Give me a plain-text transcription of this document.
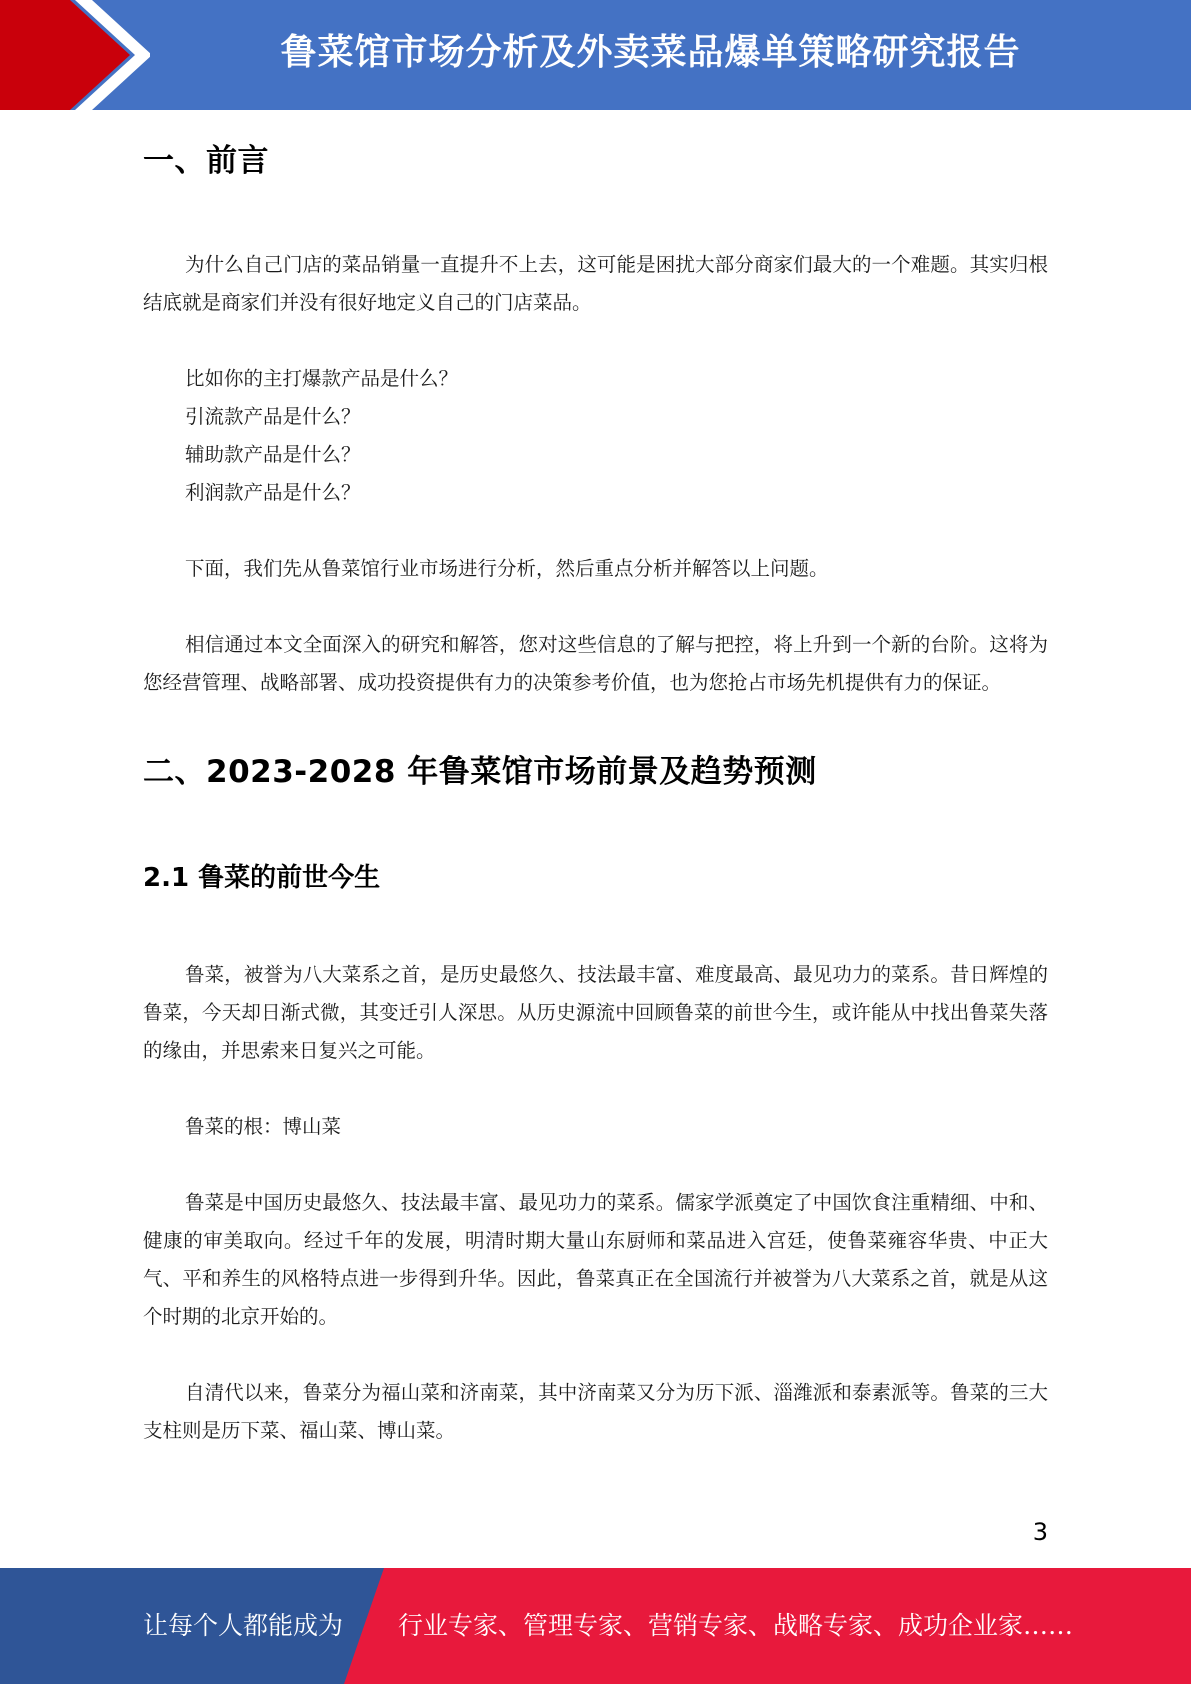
鲁菜馆市场分析及外卖菜品爆单策略研究报告
一、前言

为什么自己门店的菜品销量一直提升不上去，这可能是困扰大部分商家们最大的一个难题。其实归根结底就是商家们并没有很好地定义自己的门店菜品。

比如你的主打爆款产品是什么？

引流款产品是什么？

辅助款产品是什么？

利润款产品是什么？

下面，我们先从鲁菜馆行业市场进行分析，然后重点分析并解答以上问题。

相信通过本文全面深入的研究和解答，您对这些信息的了解与把控，将上升到一个新的台阶。这将为您经营管理、战略部署、成功投资提供有力的决策参考价值，也为您抢占市场先机提供有力的保证。

二、2023-2028 年鲁菜馆市场前景及趋势预测
2.1 鲁菜的前世今生

鲁菜，被誉为八大菜系之首，是历史最悠久、技法最丰富、难度最高、最见功力的菜系。昔日辉煌的鲁菜，今天却日渐式微，其变迁引人深思。从历史源流中回顾鲁菜的前世今生，或许能从中找出鲁菜失落的缘由，并思索来日复兴之可能。

鲁菜的根：博山菜

鲁菜是中国历史最悠久、技法最丰富、最见功力的菜系。儒家学派奠定了中国饮食注重精细、中和、健康的审美取向。经过千年的发展，明清时期大量山东厨师和菜品进入宫廷，使鲁菜雍容华贵、中正大气、平和养生的风格特点进一步得到升华。因此，鲁菜真正在全国流行并被誉为八大菜系之首，就是从这个时期的北京开始的。

自清代以来，鲁菜分为福山菜和济南菜，其中济南菜又分为历下派、淄潍派和泰素派等。鲁菜的三大支柱则是历下菜、福山菜、博山菜。

3
让每个人都能成为 行业专家、管理专家、营销专家、战略专家、成功企业家……
